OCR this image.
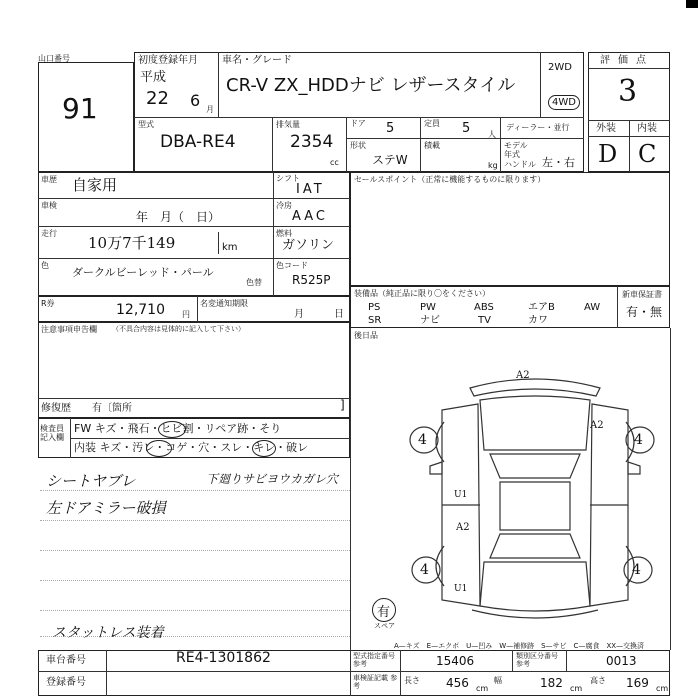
山口番号
91
初度登録年月
平成
22 6 月
車名・グレード
CR-V ZX_HDDナビ レザースタイル
2WD
4WD
型式
DBA-RE4
排気量
2354
cc
ドア 5	定員 5 人
ディーラー・並行
形状
ステW
積載
kg
モデル年式
ハンドル 左・右
評価点
3
外装 内装
D C
車歴 自家用
車検
年　月（　日）
走行
10万7千149	km
色
ダークルビーレッド・パール
色替
シフト
IAT
冷房
AAC
燃料
ガソリン
色コード
R525P
セールスポイント（正常に機能するものに限ります）
装備品（純正品に限り〇をください）
PS	PW	ABS	エアB	AW
SR	ナビ	TV	カワ
新車保証書
有・無
後日品
R券	12,710 円
名変通知期限
月	日
注意事項申告欄 （不具合内容は見体的に記入して下さい）
修復歴 有〔箇所	]
検査員記入欄
FW キズ・飛石・ヒビ割・リペア跡・そり
内装 キズ・汚レ・コゲ・穴・スレ・キレ・破レ
シートヤブレ
左ドアミラー破損
下廻りサビヨウカガレ穴
スタットレス装着
A2
A2
4	4
4	4
U1
A2
U1
有
スペア
A—キズ　E—エクボ　U—凹み　W—補修跡　S—サビ　C—腐食　XX—交換済
車台番号	RE4-1301862
登録番号
型式指定番号 参考	15406	類別区分番号 参考	0013
車検証記載 参考
長さ 456 cm
幅	182 cm
高さ 169 cm
